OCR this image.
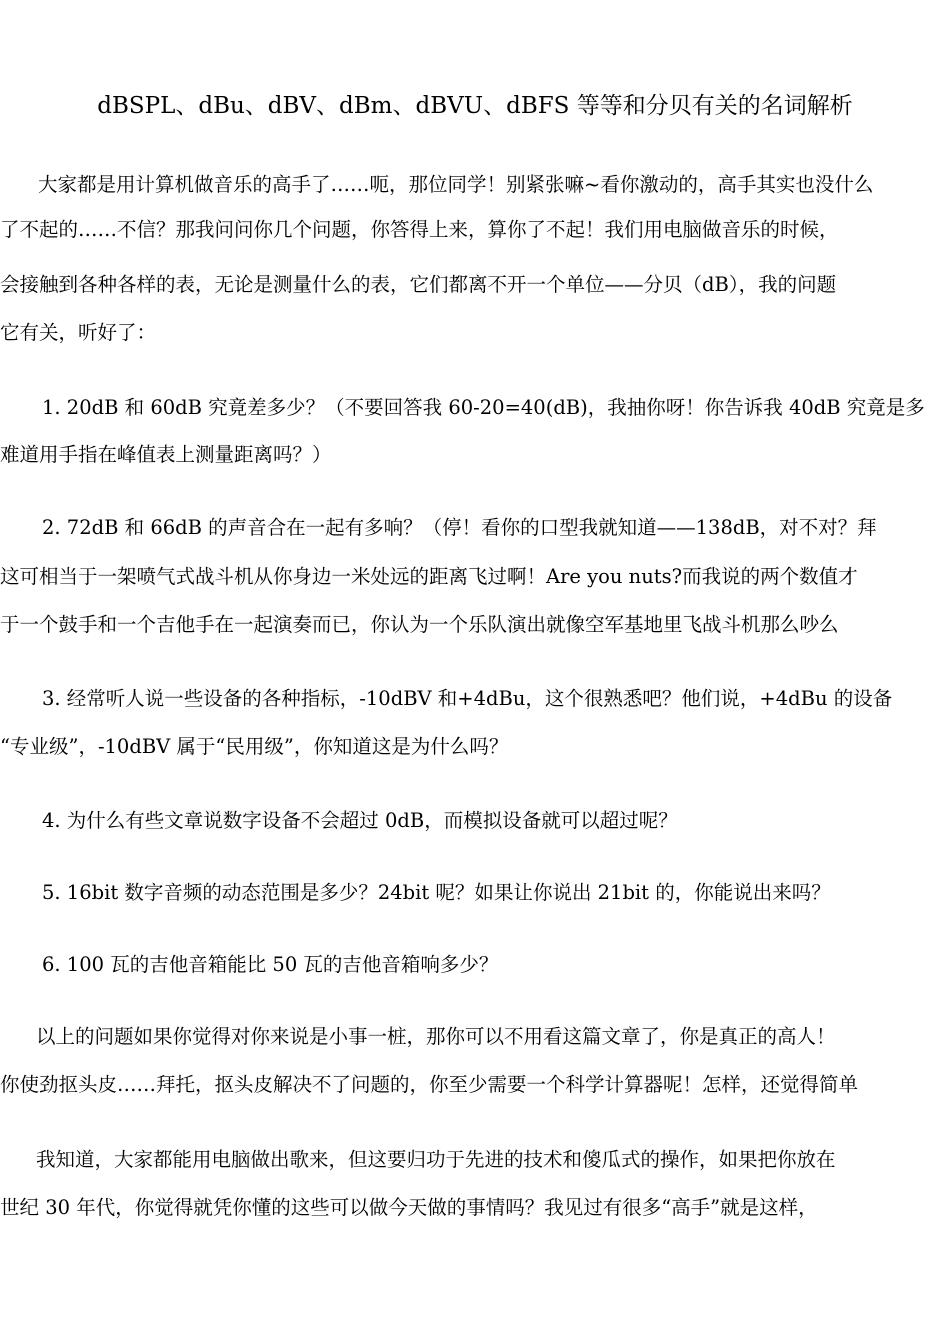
dBSPL、dBu、dBV、dBm、dBVU、dBFS 等等和分贝有关的名词解析
大家都是用计算机做音乐的高手了……呃，那位同学！别紧张嘛~看你激动的，高手其实也没什么
了不起的……不信？那我问问你几个问题，你答得上来，算你了不起！我们用电脑做音乐的时候，
会接触到各种各样的表，无论是测量什么的表，它们都离不开一个单位——分贝（dB），我的问题
它有关，听好了：
1. 20dB 和 60dB 究竟差多少？（不要回答我 60-20=40(dB)，我抽你呀！你告诉我 40dB 究竟是多
难道用手指在峰值表上测量距离吗？）
2. 72dB 和 66dB 的声音合在一起有多响？（停！看你的口型我就知道——138dB，对不对？拜
这可相当于一架喷气式战斗机从你身边一米处远的距离飞过啊！Are you nuts?而我说的两个数值才
于一个鼓手和一个吉他手在一起演奏而已，你认为一个乐队演出就像空军基地里飞战斗机那么吵么
3. 经常听人说一些设备的各种指标，-10dBV 和+4dBu，这个很熟悉吧？他们说，+4dBu 的设备
“专业级”，-10dBV 属于“民用级”，你知道这是为什么吗？
4. 为什么有些文章说数字设备不会超过 0dB，而模拟设备就可以超过呢？
5. 16bit 数字音频的动态范围是多少？24bit 呢？如果让你说出 21bit 的，你能说出来吗？
6. 100 瓦的吉他音箱能比 50 瓦的吉他音箱响多少？
以上的问题如果你觉得对你来说是小事一桩，那你可以不用看这篇文章了，你是真正的高人！
你使劲抠头皮……拜托，抠头皮解决不了问题的，你至少需要一个科学计算器呢！怎样，还觉得简单
我知道，大家都能用电脑做出歌来，但这要归功于先进的技术和傻瓜式的操作，如果把你放在
世纪 30 年代，你觉得就凭你懂的这些可以做今天做的事情吗？我见过有很多“高手”就是这样，
